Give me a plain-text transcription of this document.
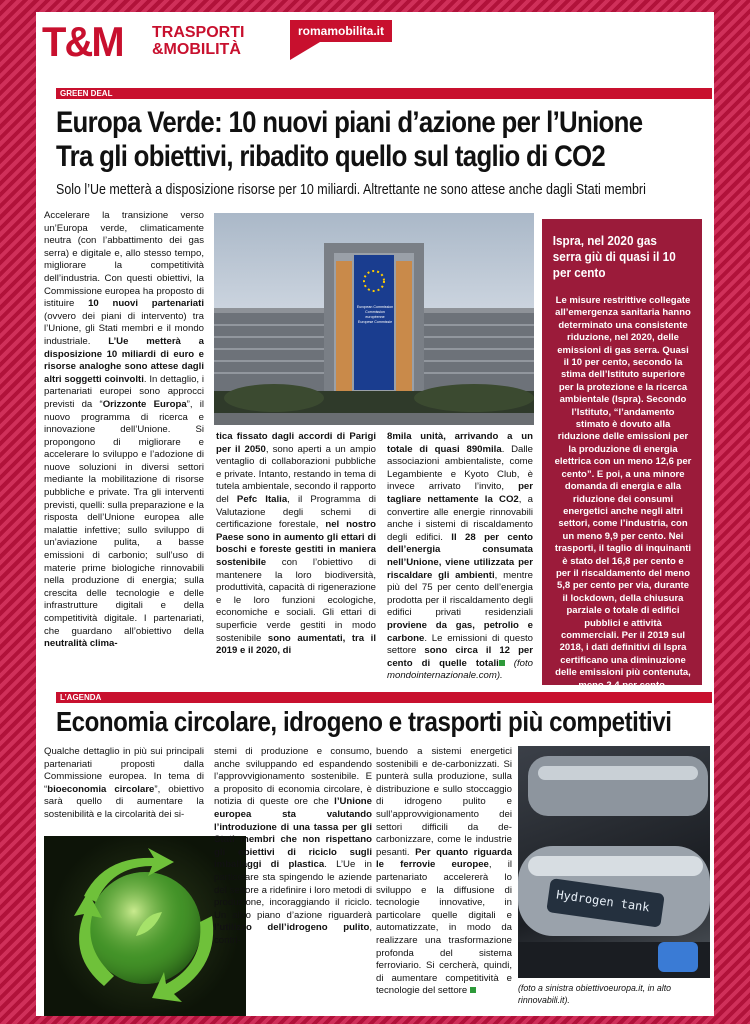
T&M TRASPORTI
&MOBILITÀ
romamobilita.it
GREEN DEAL
Europa Verde: 10 nuovi piani d’azione per l’Unione
Tra gli obiettivi, ribadito quello sul taglio di CO2
Solo l’Ue metterà a disposizione risorse per 10 miliardi. Altrettante ne sono attese anche dagli Stati membri

Accelerare la transizione verso un’Europa verde, climaticamente neutra (con l’abbattimento dei gas serra) e digitale e, allo stesso tempo, migliorare la competitività dell’industria. Con questi obiettivi, la Commissione europea ha proposto di istituire 10 nuovi partenariati (ovvero dei piani di intervento) tra l’Unione, gli Stati membri e il mondo industriale. L’Ue metterà a disposizione 10 miliardi di euro e risorse analoghe sono attese dagli altri soggetti coinvolti. In dettaglio, i partenariati europei sono approcci previsti da “Orizzonte Europa”, il nuovo programma di ricerca e innovazione dell’Unione. Si propongono di migliorare e accelerare lo sviluppo e l’adozione di nuove soluzioni in diversi settori mediante la mobilitazione di risorse pubbliche e private. Tra gli interventi previsti, quelli: sulla preparazione e la risposta dell’Unione europea alle malattie infettive; sullo sviluppo di un’aviazione pulita, a basse emissioni di carbonio; sull’uso di materie prime biologiche rinnovabili nella produzione di energia; sulla crescita delle tecnologie e delle infrastrutture digitali e della competitività digitale. I partenariati, che guardano all’obiettivo della neutralità clima-

European Commission
Commission européenne
Europese Commissie

tica fissato dagli accordi di Parigi per il 2050, sono aperti a un ampio ventaglio di collaborazioni pubbliche e private. Intanto, restando in tema di tutela ambientale, secondo il rapporto del Pefc Italia, il Programma di Valutazione degli schemi di certificazione forestale, nel nostro Paese sono in aumento gli ettari di boschi e foreste gestiti in maniera sostenibile con l’obiettivo di mantenere la loro biodiversità, produttività, capacità di rigenerazione e le loro funzioni ecologiche, economiche e sociali. Gli ettari di superficie verde gestiti in modo sostenibile sono aumentati, tra il 2019 e il 2020, di

8mila unità, arrivando a un totale di quasi 890mila. Dalle associazioni ambientaliste, come Legambiente e Kyoto Club, è invece arrivato l’invito, per tagliare nettamente la CO2, a convertire alle energie rinnovabili anche i sistemi di riscaldamento degli edifici. Il 28 per cento dell’energia consumata nell’Unione, viene utilizzata per riscaldare gli ambienti, mentre più del 75 per cento dell’energia prodotta per il riscaldamento degli edifici privati residenziali proviene da gas, petrolio e carbone. Le emissioni di questo settore sono circa il 12 per cento di quelle totali (foto mondointernazionale.com).

Ispra, nel 2020 gas serra giù di quasi il 10 per cento
Le misure restrittive collegate all’emergenza sanitaria hanno determinato una consistente riduzione, nel 2020, delle emissioni di gas serra. Quasi il 10 per cento, secondo la stima dell’Istituto superiore per la protezione e la ricerca ambientale (Ispra). Secondo l’Istituto, “l’andamento stimato è dovuto alla riduzione delle emissioni per la produzione di energia elettrica con un meno 12,6 per cento”. E poi, a una minore domanda di energia e alla riduzione dei consumi energetici anche negli altri settori, come l’industria, con un meno 9,9 per cento. Nei trasporti, il taglio di inquinanti è stato del 16,8 per cento e per il riscaldamento del meno 5,8 per cento per via, durante il lockdown, della chiusura parziale o totale di edifici pubblici e attività commerciali. Per il 2019 sul 2018, i dati definitivi di Ispra certificano una diminuzione delle emissioni più contenuta, meno 2,4 per cento.
L’AGENDA
Economia circolare, idrogeno e trasporti più competitivi

Qualche dettaglio in più sui principali partenariati proposti dalla Commissione europea. In tema di “bioeconomia circolare”, obiettivo sarà quello di aumentare la sostenibilità e la circolarità dei si-

stemi di produzione e consumo, anche sviluppando ed espandendo l’approvvigionamento sostenibile. E a proposito di economia circolare, è notizia di queste ore che l’Unione europea sta valutando l’introduzione di una tassa per gli Stati membri che non rispettano gli obiettivi di riciclo sugli imballaggi di plastica. L’Ue in particolare sta spingendo le aziende del settore a ridefinire i loro metodi di produzione, incoraggiando il riciclo. Un altro piano d’azione riguarderà l’utilizzo dell’idrogeno pulito, contri-

buendo a sistemi energetici sostenibili e de-carbonizzati. Si punterà sulla produzione, sulla distribuzione e sullo stoccaggio di idrogeno pulito e sull’approvvigionamento dei settori difficili da de-carbonizzare, come le industrie pesanti. Per quanto riguarda le ferrovie europee, il partenariato accelererà lo sviluppo e la diffusione di tecnologie innovative, in particolare quelle digitali e automatizzate, in modo da realizzare una trasformazione profonda del sistema ferroviario. Si cercherà, quindi, di aumentare competitività e tecnologie del settore

Hydrogen tank
(foto a sinistra obiettivoeuropa.it, in alto rinnovabili.it).
